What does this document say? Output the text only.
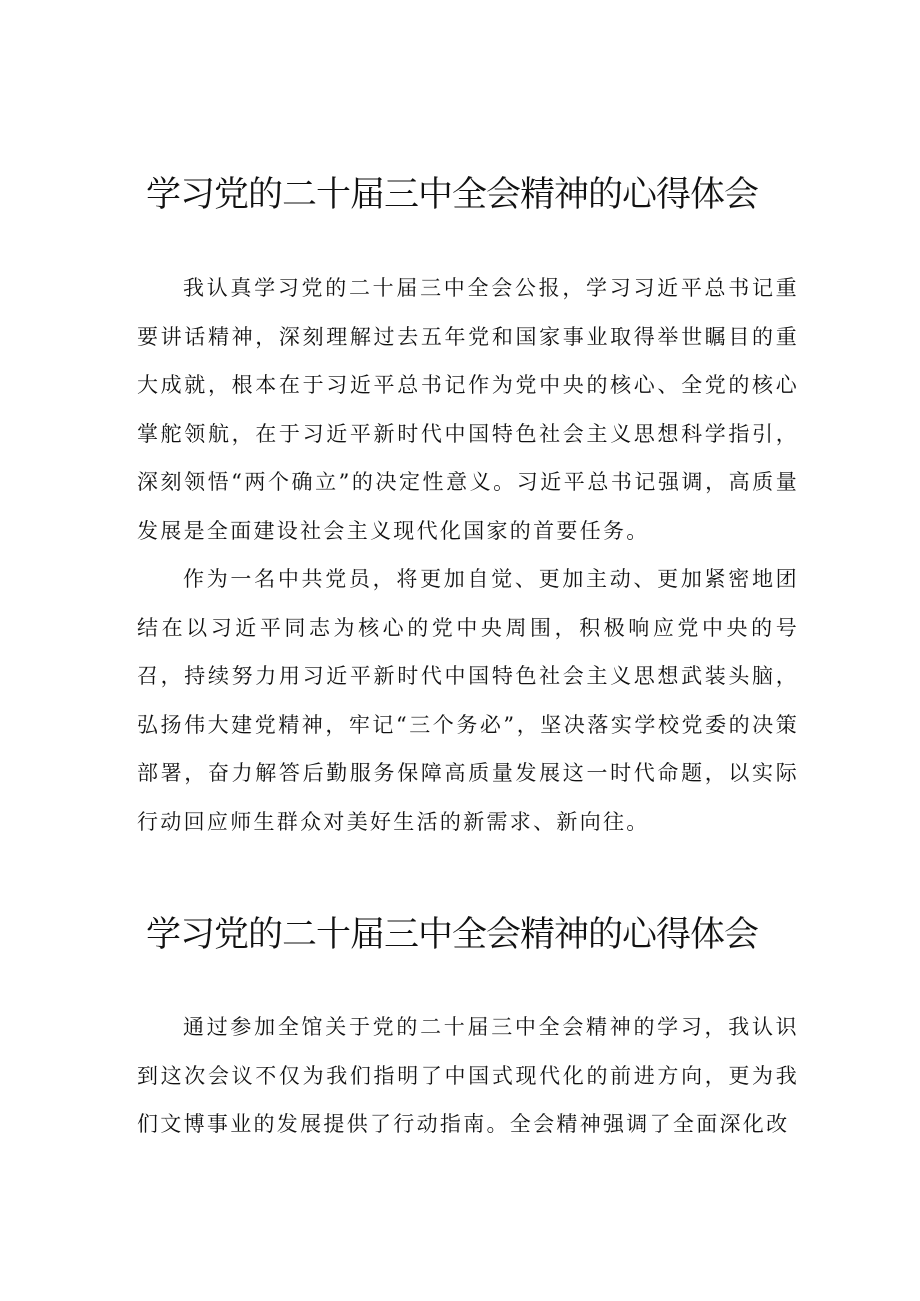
学习党的二十届三中全会精神的心得体会

我认真学习党的二十届三中全会公报，学习习近平总书记重要讲话精神，深刻理解过去五年党和国家事业取得举世瞩目的重大成就，根本在于习近平总书记作为党中央的核心、全党的核心掌舵领航，在于习近平新时代中国特色社会主义思想科学指引，深刻领悟“两个确立”的决定性意义。习近平总书记强调，高质量发展是全面建设社会主义现代化国家的首要任务。

作为一名中共党员，将更加自觉、更加主动、更加紧密地团结在以习近平同志为核心的党中央周围，积极响应党中央的号召，持续努力用习近平新时代中国特色社会主义思想武装头脑，弘扬伟大建党精神，牢记“三个务必”，坚决落实学校党委的决策部署，奋力解答后勤服务保障高质量发展这一时代命题，以实际行动回应师生群众对美好生活的新需求、新向往。

学习党的二十届三中全会精神的心得体会

通过参加全馆关于党的二十届三中全会精神的学习，我认识到这次会议不仅为我们指明了中国式现代化的前进方向，更为我们文博事业的发展提供了行动指南。全会精神强调了全面深化改
